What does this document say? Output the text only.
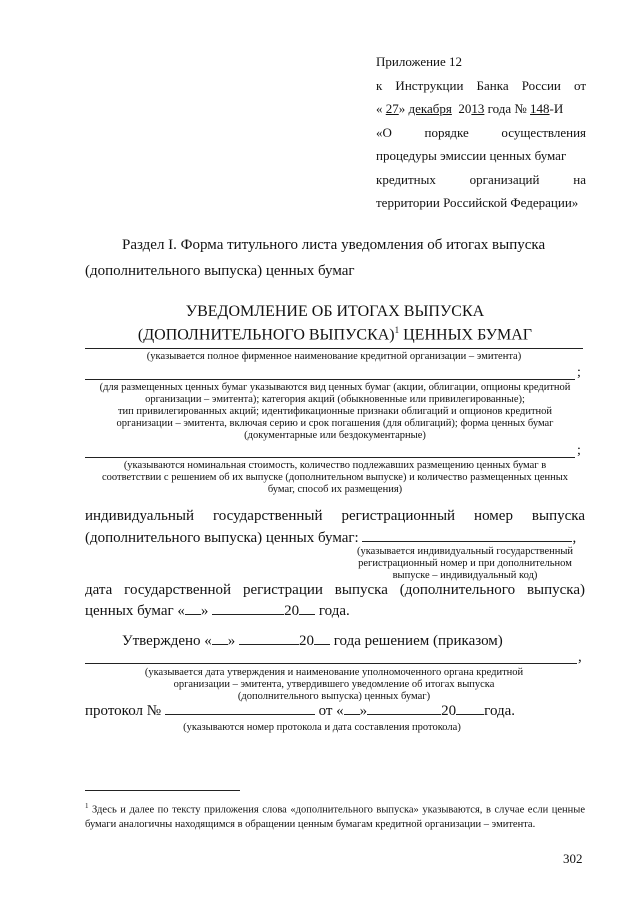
Приложение 12
к Инструкции Банка России от
« 27» декабря 2013 года № 148-И
«О порядке осуществления
процедуры эмиссии ценных бумаг
кредитных организаций на
территории Российской Федерации»
Раздел I. Форма титульного листа уведомления об итогах выпуска
(дополнительного выпуска) ценных бумаг
УВЕДОМЛЕНИЕ ОБ ИТОГАХ ВЫПУСКА
(ДОПОЛНИТЕЛЬНОГО ВЫПУСКА)$^1$ ЦЕННЫХ БУМАГ
(указывается полное фирменное наименование кредитной организации – эмитента)
;
(для размещенных ценных бумаг указываются вид ценных бумаг (акции, облигации, опционы кредитной
организации – эмитента); категория акций (обыкновенные или привилегированные);
тип привилегированных акций; идентификационные признаки облигаций и опционов кредитной
организации – эмитента, включая серию и срок погашения (для облигаций); форма ценных бумаг
(документарные или бездокументарные)
;
(указываются номинальная стоимость, количество подлежавших размещению ценных бумаг в
соответствии с решением об их выпуске (дополнительном выпуске) и количество размещенных ценных
бумаг, способ их размещения)
индивидуальный государственный регистрационный номер выпуска
(дополнительного выпуска) ценных бумаг:	,
(указывается индивидуальный государственный
регистрационный номер и при дополнительном
выпуске – индивидуальный код)
дата государственной регистрации выпуска (дополнительного выпуска)
ценных бумаг « »	20 года.
Утверждено « »	20 года решением (приказом)
,
(указывается дата утверждения и наименование уполномоченного органа кредитной
организации – эмитента, утвердившего уведомление об итогах выпуска
(дополнительного выпуска) ценных бумаг)
протокол №	от « »	20 года.
(указываются номер протокола и дата составления протокола)
$^1$ Здесь и далее по тексту приложения слова «дополнительного выпуска» указываются, в случае если ценные бумаги аналогичны находящимся в обращении ценным бумагам кредитной организации – эмитента.
302
